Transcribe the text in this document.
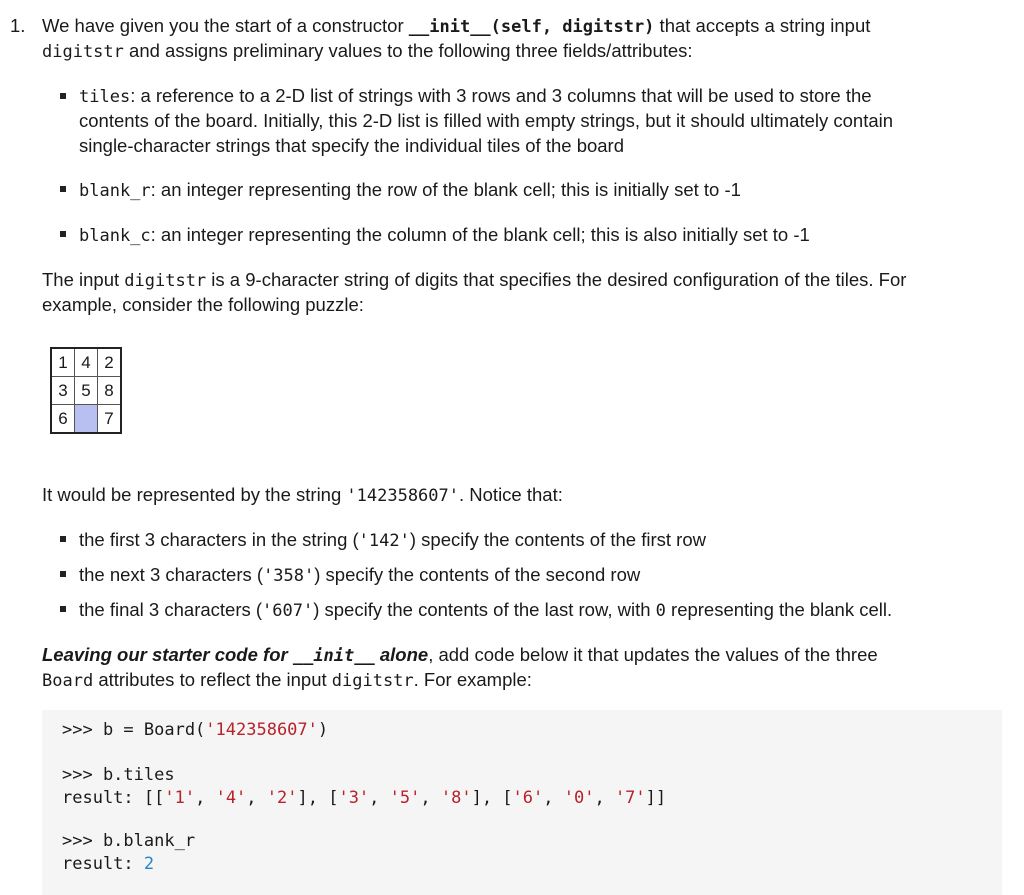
1. We have given you the start of a constructor __init__(self, digitstr) that accepts a string input
digitstr and assigns preliminary values to the following three fields/attributes:
tiles: a reference to a 2-D list of strings with 3 rows and 3 columns that will be used to store the
contents of the board. Initially, this 2-D list is filled with empty strings, but it should ultimately contain
single-character strings that specify the individual tiles of the board
blank_r: an integer representing the row of the blank cell; this is initially set to -1
blank_c: an integer representing the column of the blank cell; this is also initially set to -1
The input digitstr is a 9-character string of digits that specifies the desired configuration of the tiles. For
example, consider the following puzzle:
1	4	2
3	5	8
6		7
It would be represented by the string '142358607'. Notice that:
the first 3 characters in the string ('142') specify the contents of the first row
the next 3 characters ('358') specify the contents of the second row
the final 3 characters ('607') specify the contents of the last row, with 0 representing the blank cell.
Leaving our starter code for __init__ alone, add code below it that updates the values of the three
Board attributes to reflect the input digitstr. For example:
>>> b = Board('142358607')
>>> b.tiles
result: [['1', '4', '2'], ['3', '5', '8'], ['6', '0', '7']]
>>> b.blank_r
result: 2
